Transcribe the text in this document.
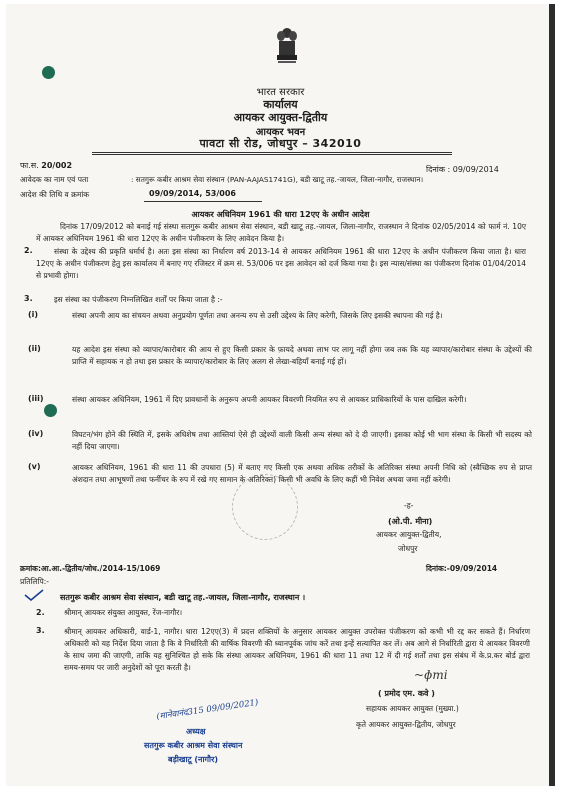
भारत सरकार
कार्यालय
आयकर आयुक्त-द्वितीय
आयकर भवन
पावटा सी रोड, जोधपुर – 342010
फा.स. 20/002	दिनांक : 09/09/2014
आवेदक का नाम एवं पता	: सतगुरू कबीर आश्रम सेवा संस्थान (PAN-AAJAS1741G), बडी खाटू तह.-जायल, जिला-नागौर, राजस्थान।
आदेश की तिथि व क्रमांक	09/09/2014, 53/006
आयकर अधिनियम 1961 की धारा 12एए के अधीन आदेश
दिनांक 17/09/2012 को बनाई गई संस्था सतगुरू कबीर आश्रम सेवा संस्थान, बडी खाटू तह.-जायल, जिला-नागौर, राजस्थान ने दिनांक 02/05/2014 को फार्म नं. 10ए में आयकर अधिनियम 1961 की धारा 12एए के अधीन पंजीकरण के लिए आवेदन किया है।
2.	संस्था के उद्देश्य की प्रकृति धर्मार्थ है। अतः इस संस्था का निर्धारण वर्ष 2013-14 से आयकर अधिनियम 1961 की धारा 12एए के अधीन पंजीकरण किया जाता है। धारा 12एए के अधीन पंजीकरण हेतु इस कार्यालय में बनाए गए रजिस्टर में क्रम सं. 53/006 पर इस आवेदन को दर्ज किया गया है। इस न्यास/संस्था का पंजीकरण दिनांक 01/04/2014 से प्रभावी होगा।
3.	इस संस्था का पंजीकरण निम्नलिखित शर्तों पर किया जाता है :-
(i)	संस्था अपनी आय का संचयन अथवा अनुप्रयोग पूर्णतः तथा अनन्य रुप से उसी उद्देश्य के लिए करेगी, जिसके लिए इसकी स्थापना की गई है।
(ii)	यह आदेश इस संस्था को व्यापार/कारोबार की आय से हुए किसी प्रकार के फ़ायदे अथवा लाभ पर लागू नहीं होगा जब तक कि यह व्यापार/कारोबार संस्था के उद्देश्यों की प्राप्ति में सहायक न हो तथा इस प्रकार के व्यापार/कारोबार के लिए अलग से लेखा-बहियाँ बनाई गई हों।
(iii)	संस्था आयकर अधिनियम, 1961 में दिए प्रावधानों के अनुरूप अपनी आयकर विवरणी नियमित रुप से आयकर प्राधिकारियों के पास दाखिल करेगी।
(iv)	विघटन/भंग होने की स्थिति में, इसके अधिशेष तथा आस्तियां ऐसे ही उद्देश्यों वाली किसी अन्य संस्था को दे दी जाएगी। इसका कोई भी भाग संस्था के किसी भी सदस्य को नहीं दिया जाएगा।
(v)	आयकर अधिनियम, 1961 की धारा 11 की उपधारा (5) में बताए गए किसी एक अथवा अधिक तरीकों के अतिरिक्त संस्था अपनी निधि को (स्वैच्छिक रुप से प्राप्त अंशदान तथा आभूषणों तथा फर्नीचर के रुप में रखे गए सामान के अतिरिक्त) किसी भी अवधि के लिए कहीं भी निवेश अथवा जमा नहीं करेगी।
-ह-
(ओ.पी. मीना)
आयकर आयुक्त-द्वितीय,
जोधपुर
क्रमांक:आ.आ.-द्वितीय/जोध./2014-15/1069	दिनांक:-09/09/2014
प्रतिलिपि:-
सतगुरू कबीर आश्रम सेवा संस्थान, बडी खाटू तह.-जायल, जिला-नागौर, राजस्थान ।
2.	श्रीमान् आयकर संयुक्त आयुक्त, रेंज-नागौर।
3.	श्रीमान् आयकर अधिकारी, वार्ड-1, नागौर। धारा 12एए(3) में प्रदत्त शक्तियों के अनुसार आयकर आयुक्त उपरोक्त पंजीकरण को कभी भी रद्द कर सकते हैं। निर्धारण अधिकारी को यह निर्देश दिया जाता है कि वे निर्धारिती की वार्षिक विवरणी की ध्यानपूर्वक जांच करें तथा इन्हें सत्यापित कर लें। अब आगे से निर्धारिती द्वारा ये आयकर विवरणी के साथ जमा की जाएगी, ताकि यह सुनिश्चित हो सके कि संस्था आयकर अधिनियम, 1961 की धारा 11 तथा 12 में दी गई शर्तों तथा इस संबंध में के.प्र.कर बोर्ड द्वारा समय-समय पर जारी अनुदेशों को पूरा करती है।
~ɸmi
( प्रमोद एम. कवे )
सहायक आयकर आयुक्त (मुख्या.)
कृते आयकर आयुक्त-द्वितीय, जोधपुर
(मानेवानंद315 09/09/2021)
अध्यक्ष
सतगुरू कबीर आश्रम सेवा संस्थान
बड़ीखाटू (नागौर)
